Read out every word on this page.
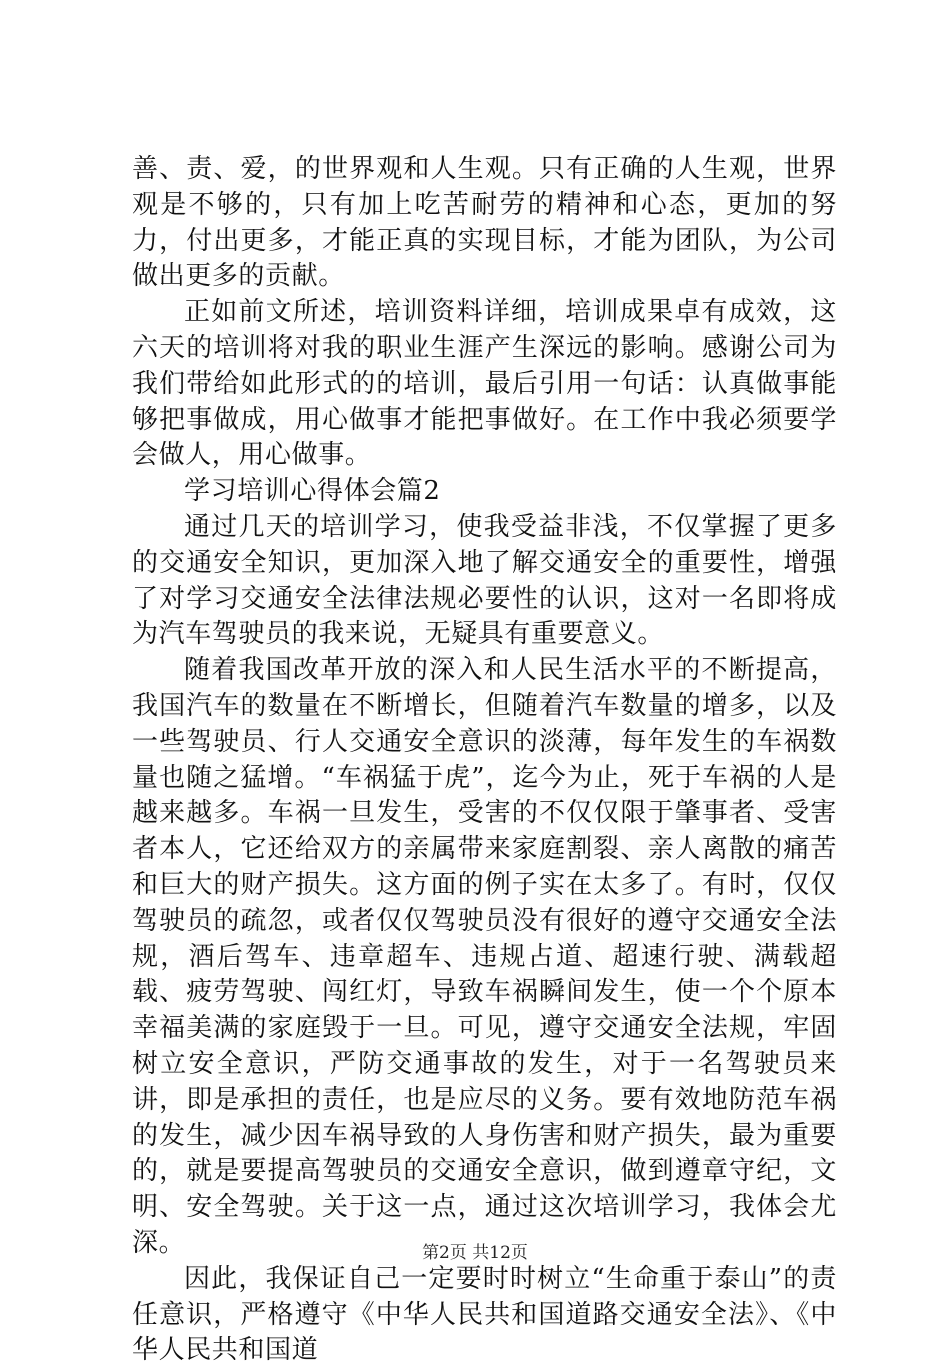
善、责、爱，的世界观和人生观。只有正确的人生观，世界观是不够的，只有加上吃苦耐劳的精神和心态，更加的努力，付出更多，才能正真的实现目标，才能为团队，为公司做出更多的贡献。

正如前文所述，培训资料详细，培训成果卓有成效，这六天的培训将对我的职业生涯产生深远的影响。感谢公司为我们带给如此形式的的培训，最后引用一句话：认真做事能够把事做成，用心做事才能把事做好。在工作中我必须要学会做人，用心做事。

学习培训心得体会篇2

通过几天的培训学习，使我受益非浅，不仅掌握了更多的交通安全知识，更加深入地了解交通安全的重要性，增强了对学习交通安全法律法规必要性的认识，这对一名即将成为汽车驾驶员的我来说，无疑具有重要意义。

随着我国改革开放的深入和人民生活水平的不断提高，我国汽车的数量在不断增长，但随着汽车数量的增多，以及一些驾驶员、行人交通安全意识的淡薄，每年发生的车祸数量也随之猛增。“车祸猛于虎”，迄今为止，死于车祸的人是越来越多。车祸一旦发生，受害的不仅仅限于肇事者、受害者本人，它还给双方的亲属带来家庭割裂、亲人离散的痛苦和巨大的财产损失。这方面的例子实在太多了。有时，仅仅驾驶员的疏忽，或者仅仅驾驶员没有很好的遵守交通安全法规，酒后驾车、违章超车、违规占道、超速行驶、满载超载、疲劳驾驶、闯红灯，导致车祸瞬间发生，使一个个原本幸福美满的家庭毁于一旦。可见，遵守交通安全法规，牢固树立安全意识，严防交通事故的发生，对于一名驾驶员来讲，即是承担的责任，也是应尽的义务。要有效地防范车祸的发生，减少因车祸导致的人身伤害和财产损失，最为重要的，就是要提高驾驶员的交通安全意识，做到遵章守纪，文明、安全驾驶。关于这一点，通过这次培训学习，我体会尤深。

因此，我保证自己一定要时时树立“生命重于泰山”的责任意识，严格遵守《中华人民共和国道路交通安全法》、《中华人民共和国道

第2页 共12页
